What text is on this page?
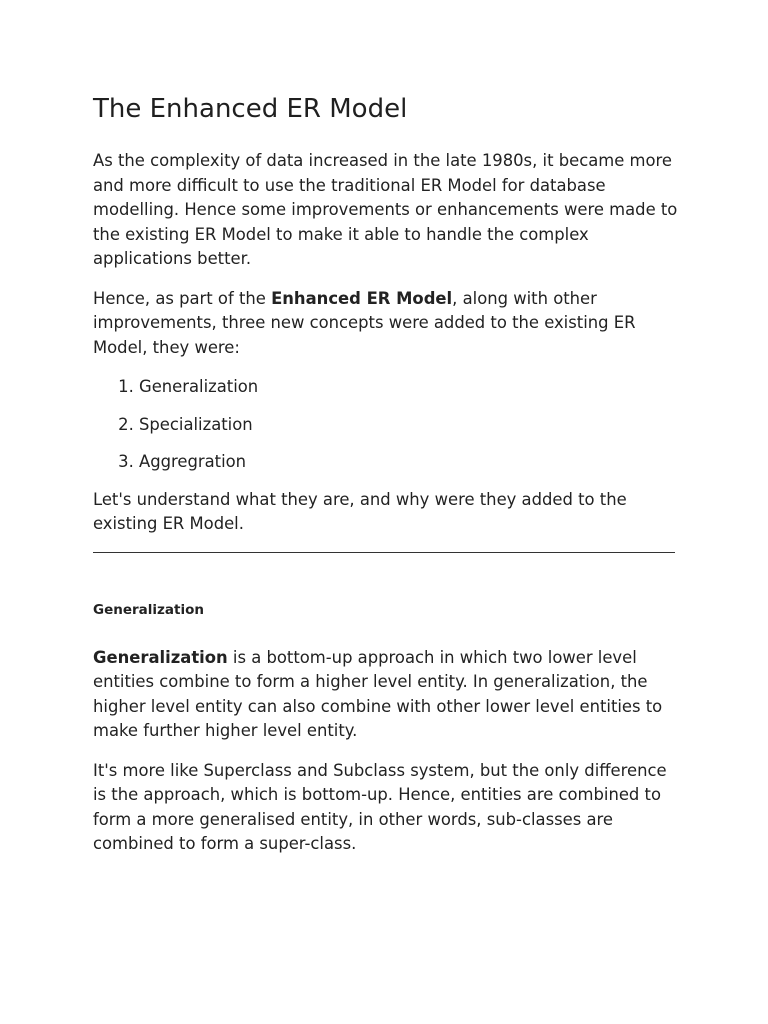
The Enhanced ER Model

As the complexity of data increased in the late 1980s, it became more and more difficult to use the traditional ER Model for database modelling. Hence some improvements or enhancements were made to the existing ER Model to make it able to handle the complex applications better.

Hence, as part of the Enhanced ER Model, along with other improvements, three new concepts were added to the existing ER Model, they were:

1. Generalization
2. Specialization
3. Aggregration

Let's understand what they are, and why were they added to the existing ER Model.

Generalization

Generalization is a bottom-up approach in which two lower level entities combine to form a higher level entity. In generalization, the higher level entity can also combine with other lower level entities to make further higher level entity.

It's more like Superclass and Subclass system, but the only difference is the approach, which is bottom-up. Hence, entities are combined to form a more generalised entity, in other words, sub-classes are combined to form a super-class.
